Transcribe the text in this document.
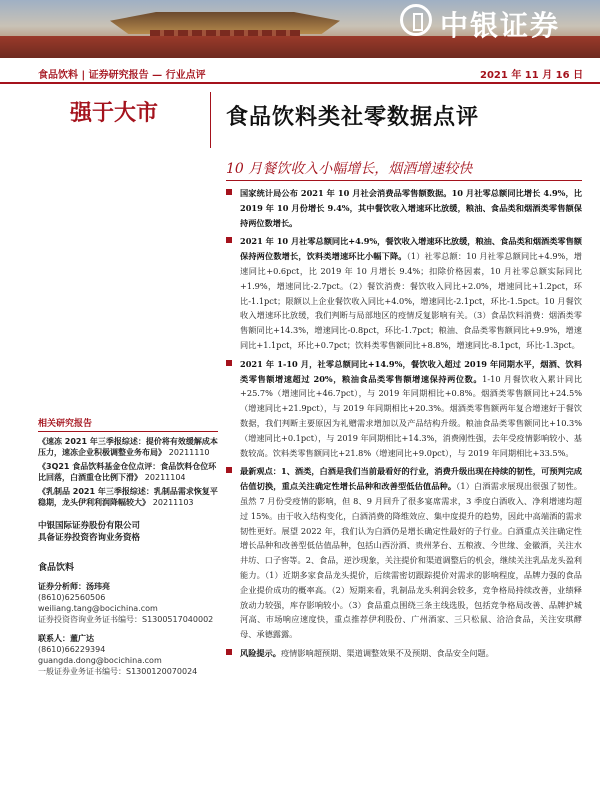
中银证券
食品饮料 | 证券研究报告 — 行业点评	2021 年 11 月 16 日
强于大市	食品饮料类社零数据点评
10 月餐饮收入小幅增长，烟酒增速较快
国家统计局公布 2021 年 10 月社会消费品零售额数据。10 月社零总额同比增长 4.9%，比 2019 年 10 月份增长 9.4%，其中餐饮收入增速环比放缓，粮油、食品类和烟酒类零售额保持两位数增长。
2021 年 10 月社零总额同比+4.9%，餐饮收入增速环比放缓，粮油、食品类和烟酒类零售额保持两位数增长，饮料类增速环比小幅下降。（1）社零总额：10 月社零总额同比+4.9%，增速同比+0.6pct，比 2019 年 10 月增长 9.4%；扣除价格因素，10 月社零总额实际同比+1.9%，增速同比-2.7pct。（2）餐饮消费：餐饮收入同比+2.0%，增速同比+1.2pct，环比-1.1pct；限额以上企业餐饮收入同比+4.0%，增速同比-2.1pct，环比-1.5pct。10 月餐饮收入增速环比放缓，我们判断与局部地区的疫情反复影响有关。（3）食品饮料消费：烟酒类零售额同比+14.3%，增速同比-0.8pct，环比-1.7pct；粮油、食品类零售额同比+9.9%，增速同比+1.1pct，环比+0.7pct；饮料类零售额同比+8.8%，增速同比-8.1pct，环比-1.3pct。
2021 年 1-10 月，社零总额同比+14.9%，餐饮收入超过 2019 年同期水平，烟酒、饮料类零售额增速超过 20%，粮油食品类零售额增速保持两位数。1-10 月餐饮收入累计同比+25.7%（增速同比+46.7pct），与 2019 年同期相比+0.8%。烟酒类零售额同比+24.5%（增速同比+21.9pct），与 2019 年同期相比+20.3%。烟酒类零售额两年复合增速好于餐饮数据，我们判断主要原因为礼赠需求增加以及产品结构升级。粮油食品类零售额同比+10.3%（增速同比+0.1pct），与 2019 年同期相比+14.3%，消费刚性强，去年受疫情影响较小、基数较高。饮料类零售额同比+21.8%（增速同比+9.0pct），与 2019 年同期相比+33.5%。
最新观点：1、酒类，白酒是我们当前最看好的行业，消费升级出现在持续的韧性，可预判完成估值切换，重点关注确定性增长品种和改善型低估值品种。（1）白酒需求展现出很强了韧性。虽然 7 月份受疫情的影响，但 8、9 月回升了很多宴席需求，3 季度白酒收入、净利增速均超过 15%。由于收入结构变化，白酒消费的降维效应、集中度提升的趋势，因此中高端酒的需求韧性更好。展望 2022 年，我们认为白酒仍是增长确定性最好的子行业。白酒重点关注确定性增长品种和改善型低估值品种，包括山西汾酒、贵州茅台、五粮液、今世缘、金徽酒，关注水井坊、口子窖等。2、食品，逆沙现象，关注提价和渠道调整后的机会，继续关注乳品龙头盈利能力。（1）近期多家食品龙头提价，后续需密切跟踪提价对需求的影响程度，品牌力强的食品企业提价成功的概率高。（2）短期来看，乳制品龙头利润会较多，竞争格局持续改善，业绩释放动力较强，库存影响较小。（3）食品重点围绕三条主线选股，包括竞争格局改善、品牌护城河高、市场响应速度快，重点推荐伊利股份、广州酒家、三只松鼠、洽洽食品，关注安琪酵母、承德露露。
风险提示。疫情影响超预期、渠道调整效果不及预期、食品安全问题。
相关研究报告
《速冻 2021 年三季报综述：提价将有效缓解成本压力，速冻企业积极调整业务布局》 20211110
《3Q21 食品饮料基金仓位点评：食品饮料仓位环比回落，白酒重仓比例下滑》 20211104
《乳制品 2021 年三季报综述：乳制品需求恢复平稳期，龙头伊利利润降幅较大》 20211103
中银国际证券股份有限公司
具备证券投资咨询业务资格
食品饮料
证券分析师：汤玮亮
(8610)62560506
weiliang.tang@bocichina.com
证券投资咨询业务证书编号：S1300517040002
联系人：董广达
(8610)66229394
guangda.dong@bocichina.com
一般证券业务证书编号：S1300120070024
